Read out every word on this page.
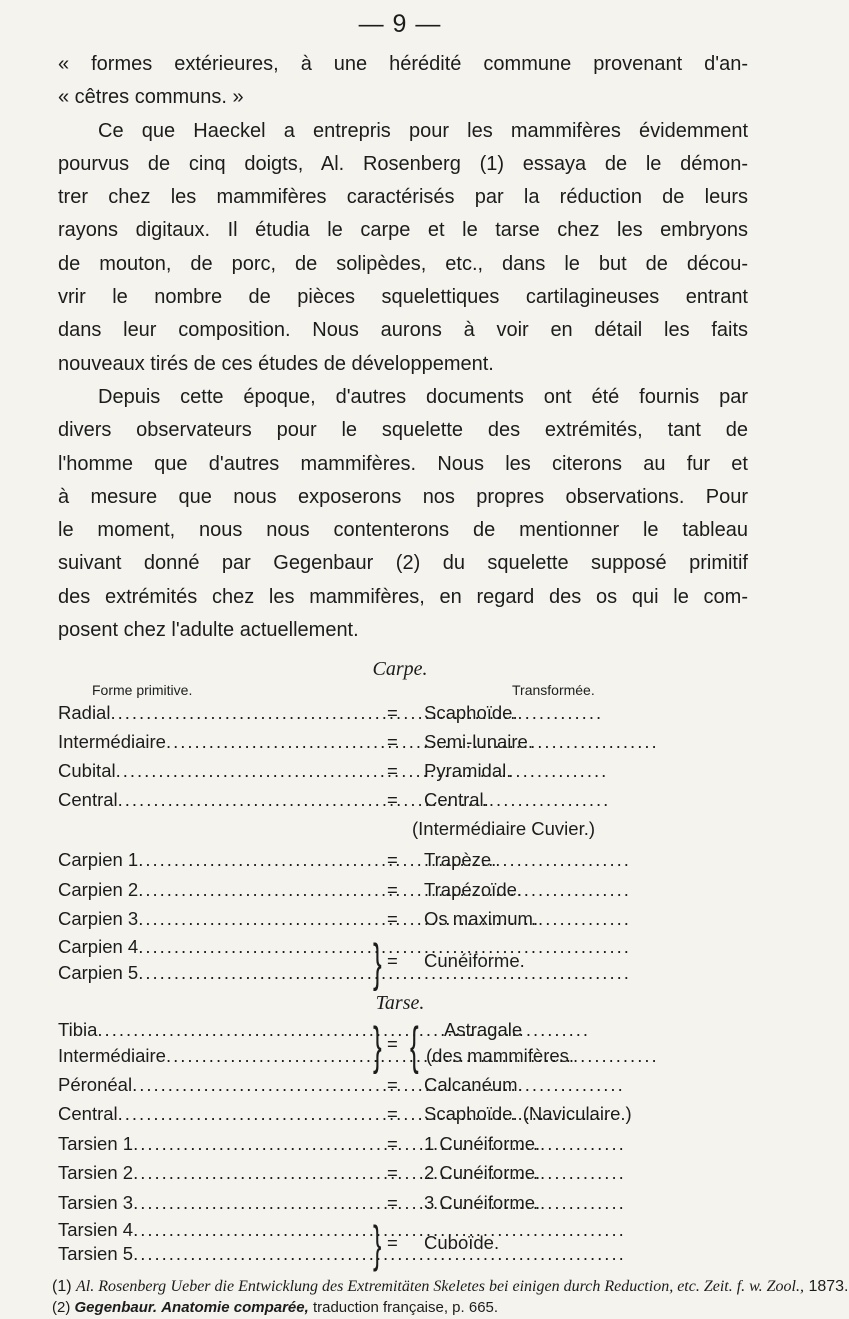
— 9 —
« formes extérieures, à une hérédité commune provenant d'an-
« cêtres communs. »
Ce que Haeckel a entrepris pour les mammifères évidemment
pourvus de cinq doigts, Al. Rosenberg (1) essaya de le démon-
trer chez les mammifères caractérisés par la réduction de leurs
rayons digitaux. Il étudia le carpe et le tarse chez les embryons
de mouton, de porc, de solipèdes, etc., dans le but de décou-
vrir le nombre de pièces squelettiques cartilagineuses entrant
dans leur composition. Nous aurons à voir en détail les faits
nouveaux tirés de ces études de développement.
Depuis cette époque, d'autres documents ont été fournis par
divers observateurs pour le squelette des extrémités, tant de
l'homme que d'autres mammifères. Nous les citerons au fur et
à mesure que nous exposerons nos propres observations. Pour
le moment, nous nous contenterons de mentionner le tableau
suivant donné par Gegenbaur (2) du squelette supposé primitif
des extrémités chez les mammifères, en regard des os qui le com-
posent chez l'adulte actuellement.
Carpe.
Forme primitive.	Transformée.
Radial .....	= Scaphoïde.
Intermédiaire .....	= Semi-lunaire.
Cubital .....	= Pyramidal.
Central .....	= Central.
(Intermédiaire Cuvier.)
Carpien 1 .....	= Trapèze.
Carpien 2 .....	= Trapézoïde.
Carpien 3 .....	= Os maximum.
Carpien 4 .....
Carpien 5 .....	} = Cunéiforme.
Tarse.
Tibia .....
Intermédiaire .....	} = { Astragale
(des mammifères.
Péronéal .....	= Calcanéum.
Central .....	= Scaphoïde. (Naviculaire.)
Tarsien 1 .....	= 1 Cunéiforme.
Tarsien 2 .....	= 2 Cunéiforme.
Tarsien 3 .....	= 3 Cunéiforme.
Tarsien 4 .....
Tarsien 5 .....	} = Cuboïde.
(1) Al. Rosenberg Ueber die Entwicklung des Extremitäten Skeletes bei einigen durch Reduction, etc. Zeit. f. w. Zool., 1873.
(2) Gegenbaur. Anatomie comparée, traduction française, p. 665.
